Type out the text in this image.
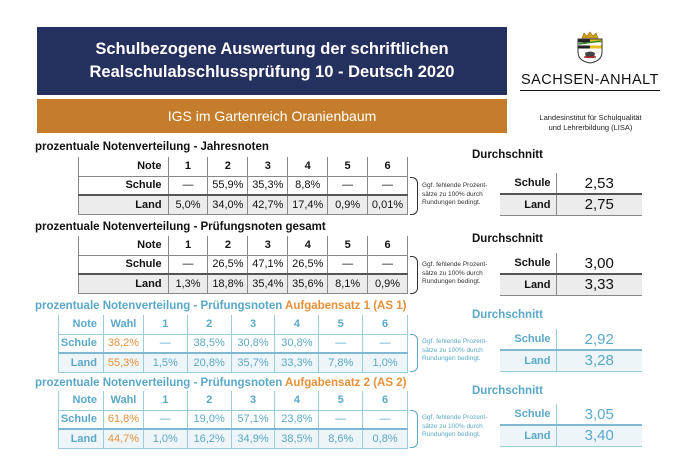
Schulbezogene Auswertung der schriftlichen
Realschulabschlussprüfung 10 - Deutsch 2020
IGS im Gartenreich Oranienbaum
SACHSEN-ANHALT
Landesinstitut für Schulqualität
und Lehrerbildung (LISA)
prozentuale Notenverteilung - Jahresnoten
Note	1	2	3	4	5	6
Schule	—	55,9%	35,3%	8,8%	—	—
Land	5,0%	34,0%	42,7%	17,4%	0,9%	0,01%
Ggf. fehlende Prozent-
sätze zu 100% durch
Rundungen bedingt.
Durchschnitt
Schule	2,53
Land	2,75
prozentuale Notenverteilung - Prüfungsnoten gesamt
Note	1	2	3	4	5	6
Schule	—	26,5%	47,1%	26,5%	—	—
Land	1,3%	18,8%	35,4%	35,6%	8,1%	0,9%
Ggf. fehlende Prozent-
sätze zu 100% durch
Rundungen bedingt.
Durchschnitt
Schule	3,00
Land	3,33
prozentuale Notenverteilung - Prüfungsnoten Aufgabensatz 1 (AS 1)
Note	Wahl	1	2	3	4	5	6
Schule	38,2%	—	38,5%	30,8%	30,8%	—	—
Land	55,3%	1,5%	20,8%	35,7%	33,3%	7,8%	1,0%
Ggf. fehlende Prozent-
sätze zu 100% durch
Rundungen bedingt.
Durchschnitt
Schule	2,92
Land	3,28
prozentuale Notenverteilung - Prüfungsnoten Aufgabensatz 2 (AS 2)
Note	Wahl	1	2	3	4	5	6
Schule	61,8%	—	19,0%	57,1%	23,8%	—	—
Land	44,7%	1,0%	16,2%	34,9%	38,5%	8,6%	0,8%
Ggf. fehlende Prozent-
sätze zu 100% durch
Rundungen bedingt.
Durchschnitt
Schule	3,05
Land	3,40
